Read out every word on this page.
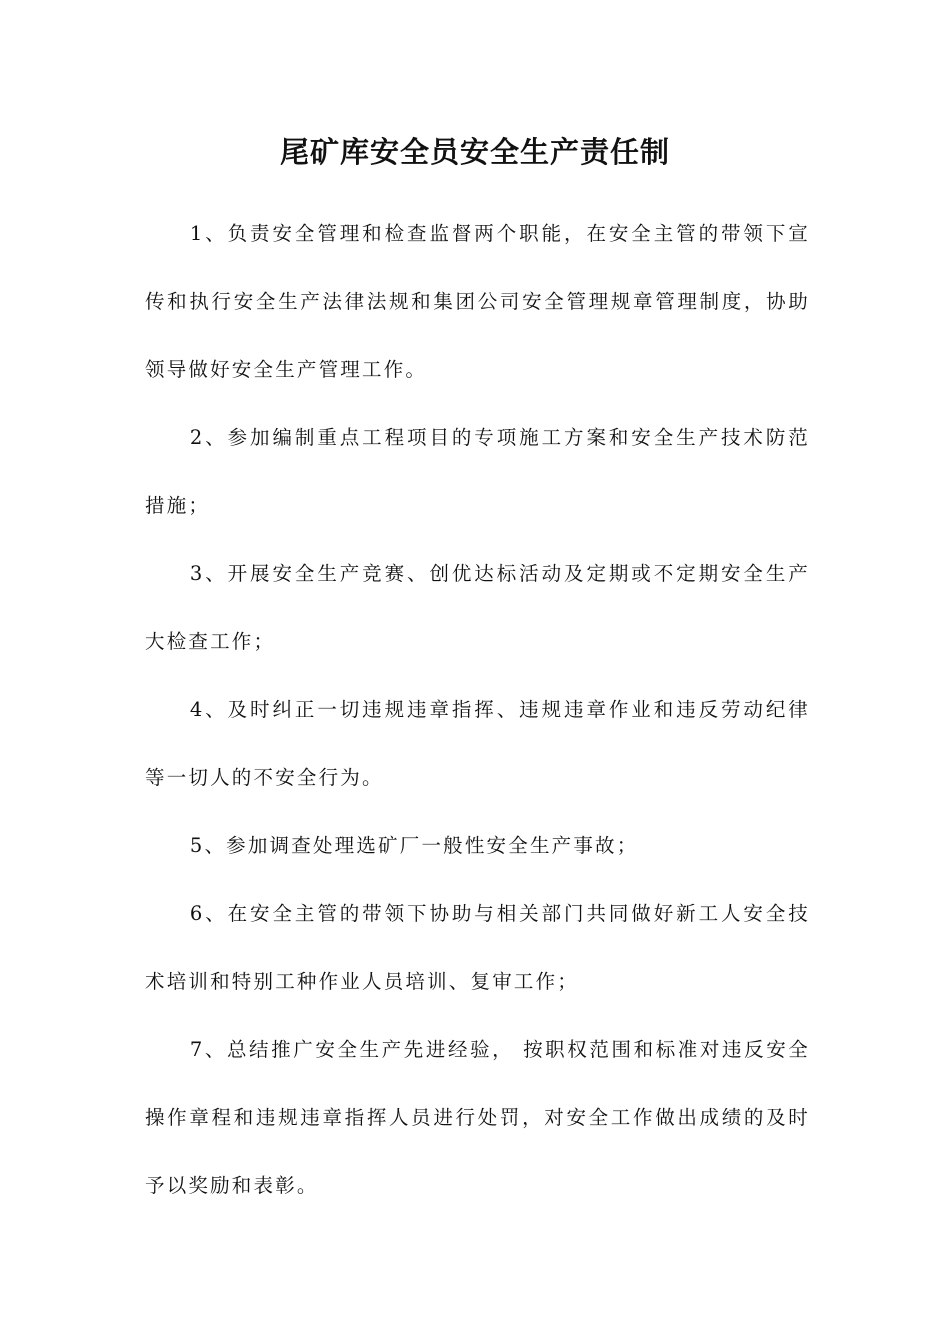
尾矿库安全员安全生产责任制

1、负责安全管理和检查监督两个职能，在安全主管的带领下宣传和执行安全生产法律法规和集团公司安全管理规章管理制度，协助领导做好安全生产管理工作。

2、参加编制重点工程项目的专项施工方案和安全生产技术防范措施；

3、开展安全生产竞赛、创优达标活动及定期或不定期安全生产大检查工作；

4、及时纠正一切违规违章指挥、违规违章作业和违反劳动纪律等一切人的不安全行为。

5、参加调查处理选矿厂一般性安全生产事故；

6、在安全主管的带领下协助与相关部门共同做好新工人安全技术培训和特别工种作业人员培训、复审工作；

7、总结推广安全生产先进经验， 按职权范围和标准对违反安全操作章程和违规违章指挥人员进行处罚，对安全工作做出成绩的及时予以奖励和表彰。
